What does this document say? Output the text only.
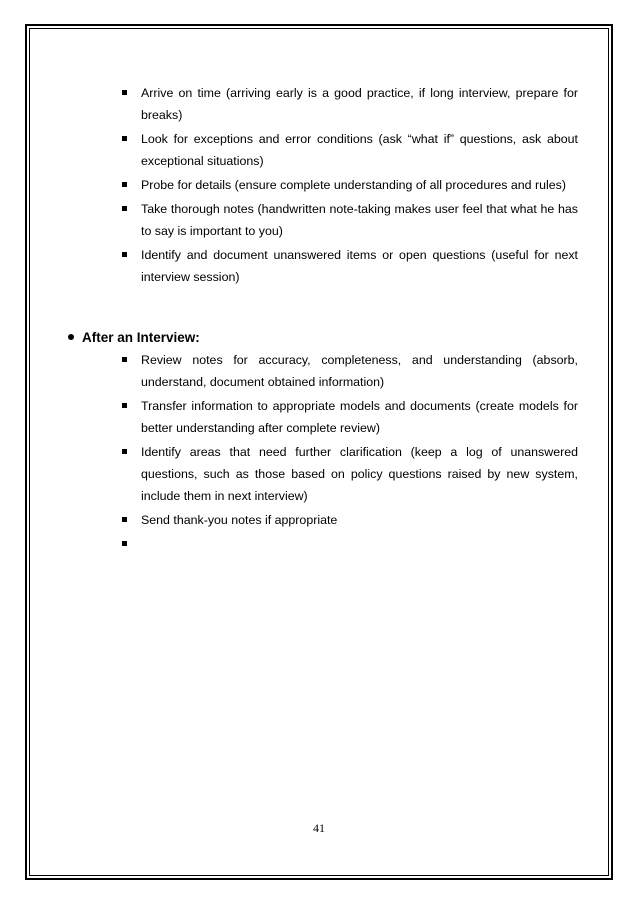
Arrive on time (arriving early is a good practice, if long interview, prepare for breaks)
Look for exceptions and error conditions (ask “what if” questions, ask about exceptional situations)
Probe for details (ensure complete understanding of all procedures and rules)
Take thorough notes (handwritten note-taking makes user feel that what he has to say is important to you)
Identify and document unanswered items or open questions (useful for next interview session)
After an Interview:
Review notes for accuracy, completeness, and understanding (absorb, understand, document obtained information)
Transfer information to appropriate models and documents (create models for better understanding after complete review)
Identify areas that need further clarification (keep a log of unanswered questions, such as those based on policy questions raised by new system, include them in next interview)
Send thank-you notes if appropriate
41
